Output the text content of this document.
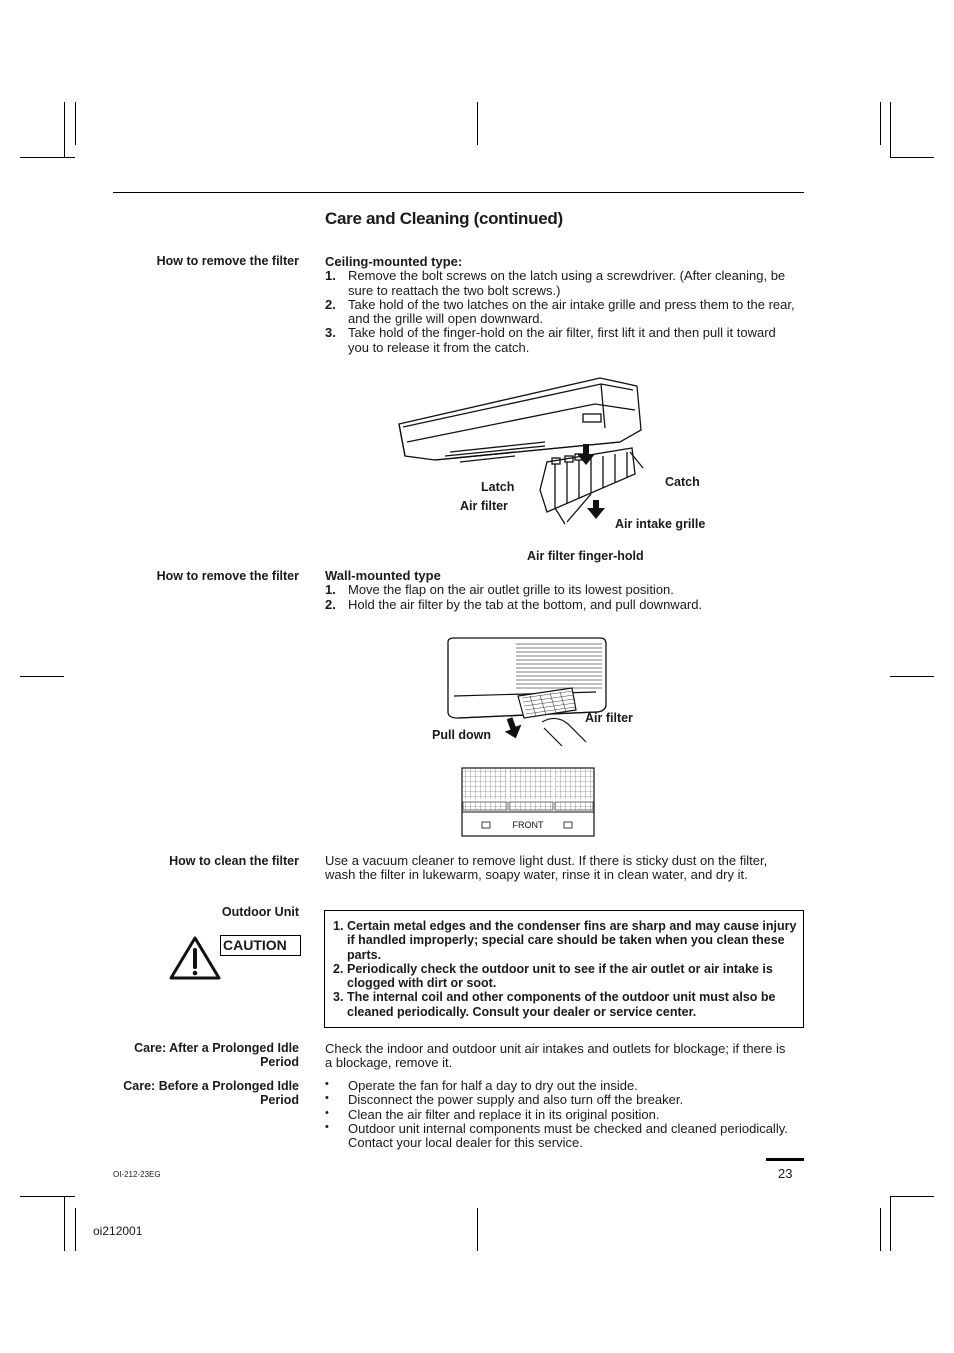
Care and Cleaning (continued)
How to remove the filter Ceiling-mounted type:
1. Remove the bolt screws on the latch using a screwdriver. (After cleaning, be sure to reattach the two bolt screws.)
2. Take hold of the two latches on the air intake grille and press them to the rear, and the grille will open downward.
3. Take hold of the finger-hold on the air filter, first lift it and then pull it toward you to release it from the catch.
Latch	Catch
Air filter
Air intake grille
Air filter finger-hold
How to remove the filter Wall-mounted type
1. Move the flap on the air outlet grille to its lowest position.
2. Hold the air filter by the tab at the bottom, and pull downward.
Air filter
Pull down
FRONT
How to clean the filter Use a vacuum cleaner to remove light dust. If there is sticky dust on the filter, wash the filter in lukewarm, soapy water, rinse it in clean water, and dry it.
Outdoor Unit
CAUTION
1. Certain metal edges and the condenser fins are sharp and may cause injury if handled improperly; special care should be taken when you clean these parts.
2. Periodically check the outdoor unit to see if the air outlet or air intake is clogged with dirt or soot.
3. The internal coil and other components of the outdoor unit must also be cleaned periodically. Consult your dealer or service center.
Care: After a Prolonged Idle Period
Check the indoor and outdoor unit air intakes and outlets for blockage; if there is a blockage, remove it.
Care: Before a Prolonged Idle Period
• Operate the fan for half a day to dry out the inside.
• Disconnect the power supply and also turn off the breaker.
• Clean the air filter and replace it in its original position.
• Outdoor unit internal components must be checked and cleaned periodically. Contact your local dealer for this service.
23
OI-212-23EG
oi212001
